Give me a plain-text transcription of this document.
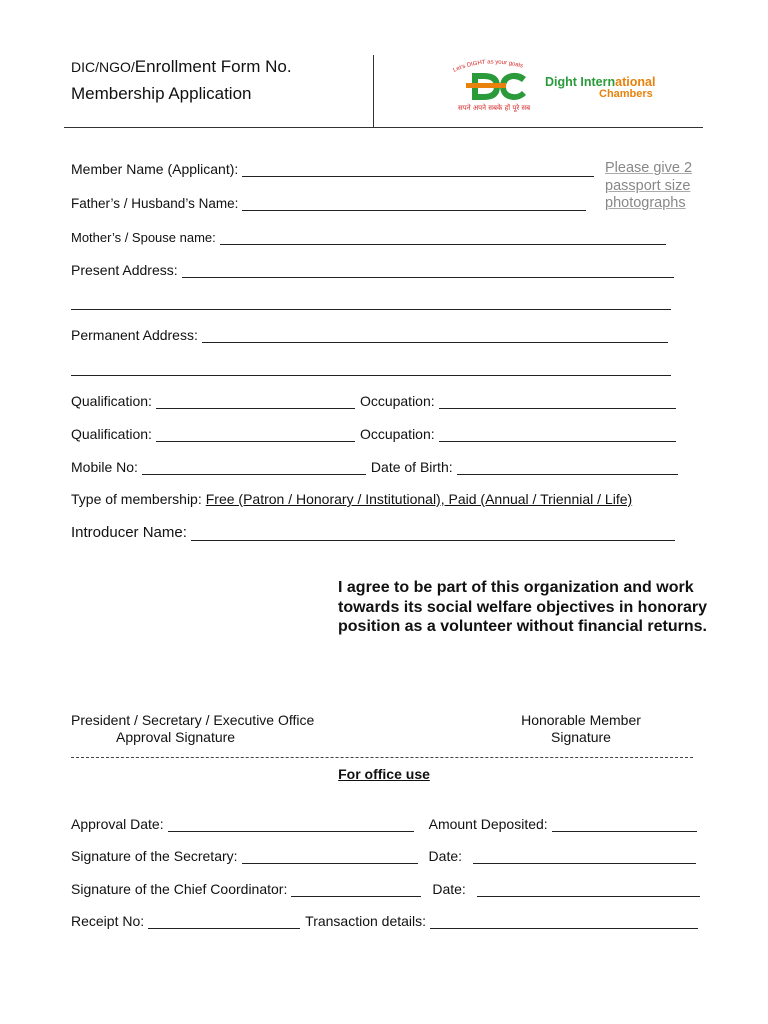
DIC/NGO/Enrollment Form No.
Membership Application
Let's DIGHT as your goals
सपने अपने सबके हों पूरे सब
Dight International
Chambers
Please give 2
passport size
photographs
Member Name (Applicant):
Father’s / Husband’s Name:
Mother’s / Spouse name:
Present Address:
Permanent Address:
Qualification:	Occupation:
Qualification:	Occupation:
Mobile No:	Date of Birth:
Type of membership: Free (Patron / Honorary / Institutional), Paid (Annual / Triennial / Life)
Introducer Name:
I agree to be part of this organization and work towards its social welfare objectives in honorary position as a volunteer without financial returns.
President / Secretary / Executive Office
Approval Signature
Honorable Member
Signature
For office use
Approval Date:	Amount Deposited:
Signature of the Secretary:	Date:
Signature of the Chief Coordinator:	Date:
Receipt No:	Transaction details:
